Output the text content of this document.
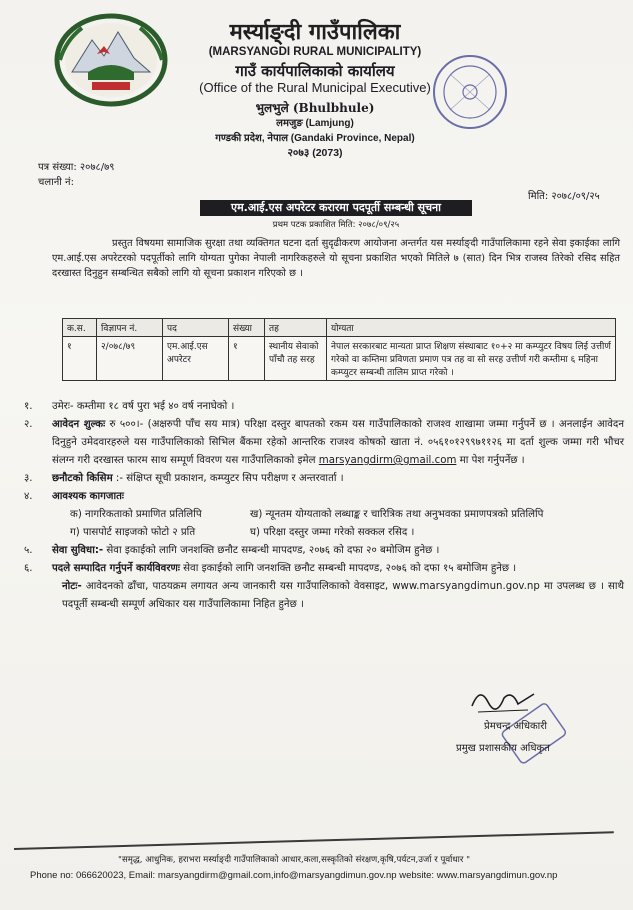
मर्स्याङ्दी गाउँपालिका
(MARSYANGDI RURAL MUNICIPALITY)
गाउँ कार्यपालिकाको कार्यालय
(Office of the Rural Municipal Executive)
भुलभुले (Bhulbhule)
लमजुङ (Lamjung)
गण्डकी प्रदेश, नेपाल (Gandaki Province, Nepal)
२०७३ (2073)
पत्र संख्या: २०७८/७९
चलानी नं:
मिति: २०७८/०९/२५
एम.आई.एस अपरेटर करारमा पदपूर्ती सम्बन्धी सूचना
प्रथम पटक प्रकाशित मिति: २०७८/०९/२५

प्रस्तुत विषयमा सामाजिक सुरक्षा तथा व्यक्तिगत घटना दर्ता सुदृढीकरण आयोजना अन्तर्गत यस मर्स्याङ्दी गाउँपालिकामा रहने सेवा इकाईका लागि एम.आई.एस अपरेटरको पदपूर्तीको लागि योग्यता पुगेका नेपाली नागरिकहरुले यो सूचना प्रकाशित भएको मितिले ७ (सात) दिन भित्र राजस्व तिरेको रसिद सहित दरखास्त दिनुहुन सम्बन्धित सबैको लागि यो सूचना प्रकाशन गरिएको छ ।

क.स.	विज्ञापन नं.	पद	संख्या	तह	योग्यता
१	२/०७८/७९	एम.आई.एस अपरेटर	१	स्थानीय सेवाको पाँचौ तह सरह	नेपाल सरकारबाट मान्यता प्राप्त शिक्षण संस्थाबाट १०+२ मा कम्प्युटर विषय लिई उत्तीर्ण गरेको वा कम्तिमा प्रविणता प्रमाण पत्र तह वा सो सरह उत्तीर्ण गरी कम्तीमा ६ महिना कम्प्युटर सम्बन्धी तालिम प्राप्त गरेको ।
१.	उमेरः- कम्तीमा १८ वर्ष पुरा भई ४० वर्ष ननाघेको ।
२.	आवेदन शुल्कः रु ५००।- (अक्षरुपी पाँच सय मात्र) परिक्षा दस्तुर बापतको रकम यस गाउँपालिकाको राजश्व शाखामा जम्मा गर्नुपर्ने छ । अनलाईन आवेदन दिनुहुने उमेदवारहरुले यस गाउँपालिकाको सिभिल बैंकमा रहेको आन्तरिक राजश्व कोषको खाता नं. ०५६१०१२९९७११२६ मा दर्ता शुल्क जम्मा गरी भौचर संलग्न गरी दरखास्त फारम साथ सम्पूर्ण विवरण यस गाउँपालिकाको इमेल marsyangdirm@gmail.com मा पेश गर्नुपर्नेछ ।
३.	छनौटको किसिम :- संक्षिप्त सूची प्रकाशन, कम्प्युटर सिप परीक्षण र अन्तरवार्ता ।
४.	आवश्यक कागजातः
क) नागरिकताको प्रमाणित प्रतिलिपि	ख) न्यूनतम योग्यताको लब्धाङ्क र चारित्रिक तथा अनुभवका प्रमाणपत्रको प्रतिलिपि
ग) पासपोर्ट साइजको फोटो २ प्रति	घ) परिक्षा दस्तुर जम्मा गरेको सक्कल रसिद ।
५.	सेवा सुविधा:- सेवा इकाईको लागि जनशक्ति छनौट सम्बन्धी मापदण्ड, २०७६ को दफा २० बमोजिम हुनेछ ।
६.	पदले सम्पादित गर्नुपर्ने कार्यविवरणः सेवा इकाईको लागि जनशक्ति छनौट सम्बन्धी मापदण्ड, २०७६ को दफा १५ बमोजिम हुनेछ ।
नोटः- आवेदनको ढाँचा, पाठयक्रम लगायत अन्य जानकारी यस गाउँपालिकाको वेवसाइट, www.marsyangdimun.gov.np मा उपलब्ध छ । साथै पदपूर्ती सम्बन्धी सम्पूर्ण अधिकार यस गाउँपालिकामा निहित हुनेछ ।
प्रेमचन्द्र अधिकारी
प्रमुख प्रशासकीय अधिकृत
"समृद्ध, आधुनिक, हराभरा मर्स्याङ्दी गाउँपालिकाको आधार,कला,सस्कृतिको संरक्षण,कृषि,पर्यटन,उर्जा र पूर्वाधार "
Phone no: 066620023, Email: marsyangdirm@gmail.com,info@marsyangdimun.gov.np website: www.marsyangdimun.gov.np
